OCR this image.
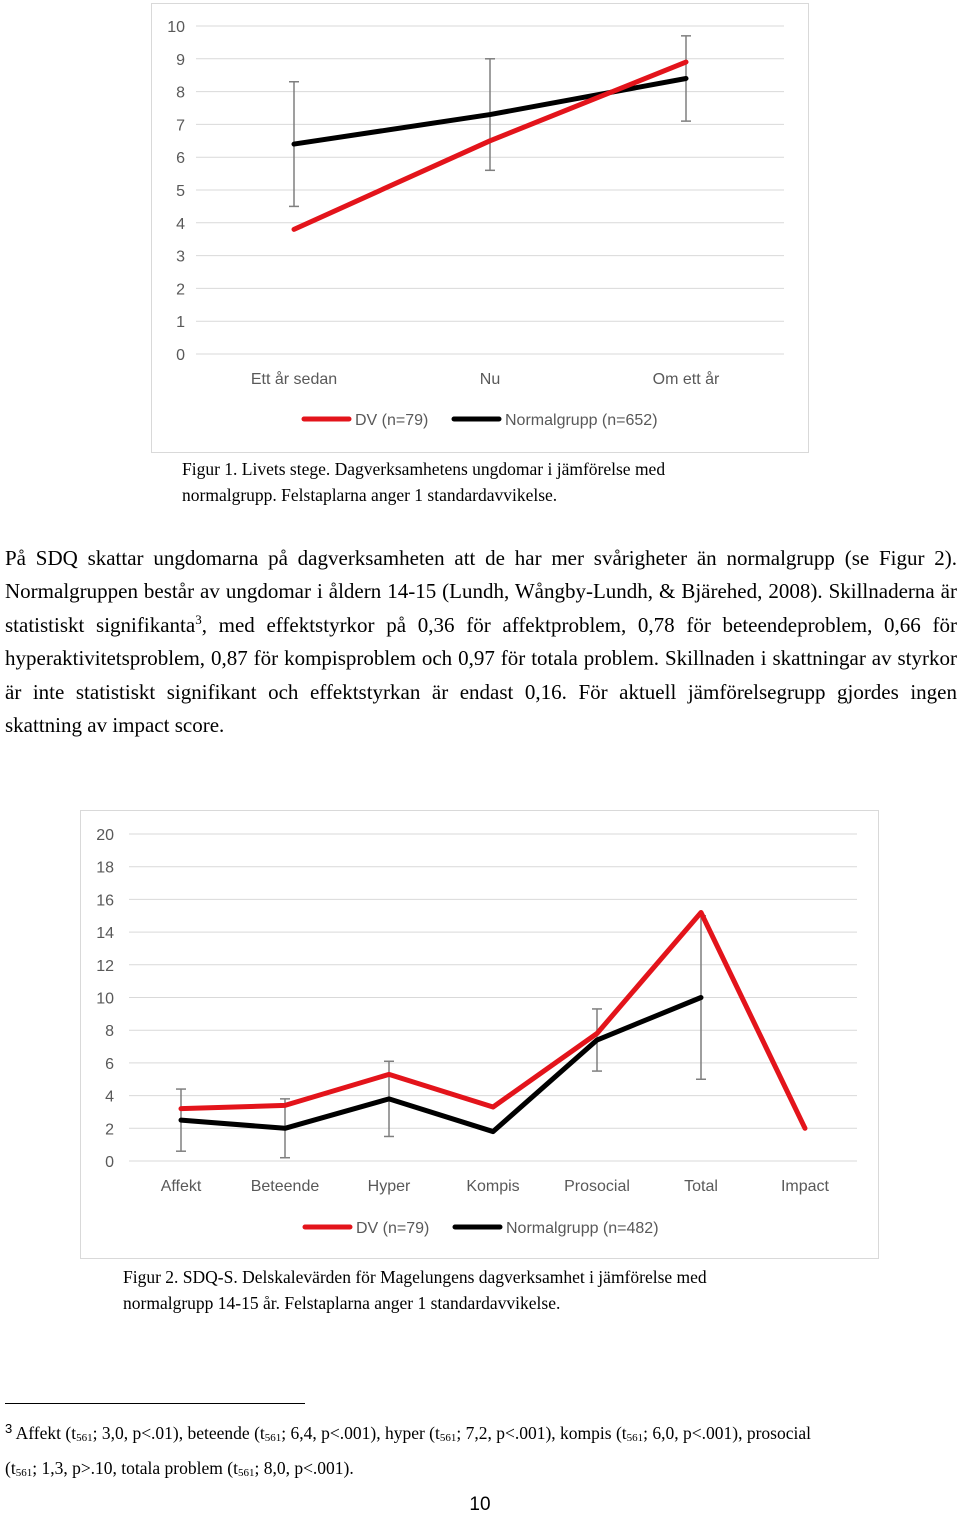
0
1
2
3
4
5
6
7
8
9
10
Ett år sedan	Nu	Om ett år
DV (n=79)	Normalgrupp (n=652)

Figur 1. Livets stege. Dagverksamhetens ungdomar i jämförelse med
normalgrupp. Felstaplarna anger 1 standardavvikelse.

På SDQ skattar ungdomarna på dagverksamheten att de har mer svårigheter än normalgrupp (se Figur 2). Normalgruppen består av ungdomar i åldern 14-15 (Lundh, Wångby-Lundh, & Bjärehed, 2008). Skillnaderna är statistiskt signifikanta$^3$, med effektstyrkor på 0,36 för affektproblem, 0,78 för beteendeproblem, 0,66 för hyperaktivitetsproblem, 0,87 för kompisproblem och 0,97 för totala problem. Skillnaden i skattningar av styrkor är inte statistiskt signifikant och effektstyrkan är endast 0,16. För aktuell jämförelsegrupp gjordes ingen skattning av impact score.

0
2
4
6
8
10
12
14
16
18
20
Affekt	Beteende	Hyper	Kompis	Prosocial	Total	Impact
DV (n=79)	Normalgrupp (n=482)

Figur 2. SDQ-S. Delskalevärden för Magelungens dagverksamhet i jämförelse med
normalgrupp 14-15 år. Felstaplarna anger 1 standardavvikelse.

$^3$ Affekt ($t_{561}$; 3,0, p<.01), beteende ($t_{561}$; 6,4, p<.001), hyper ($t_{561}$; 7,2, p<.001), kompis ($t_{561}$; 6,0, p<.001), prosocial
($t_{561}$; 1,3, p>.10, totala problem ($t_{561}$; 8,0, p<.001).

10
